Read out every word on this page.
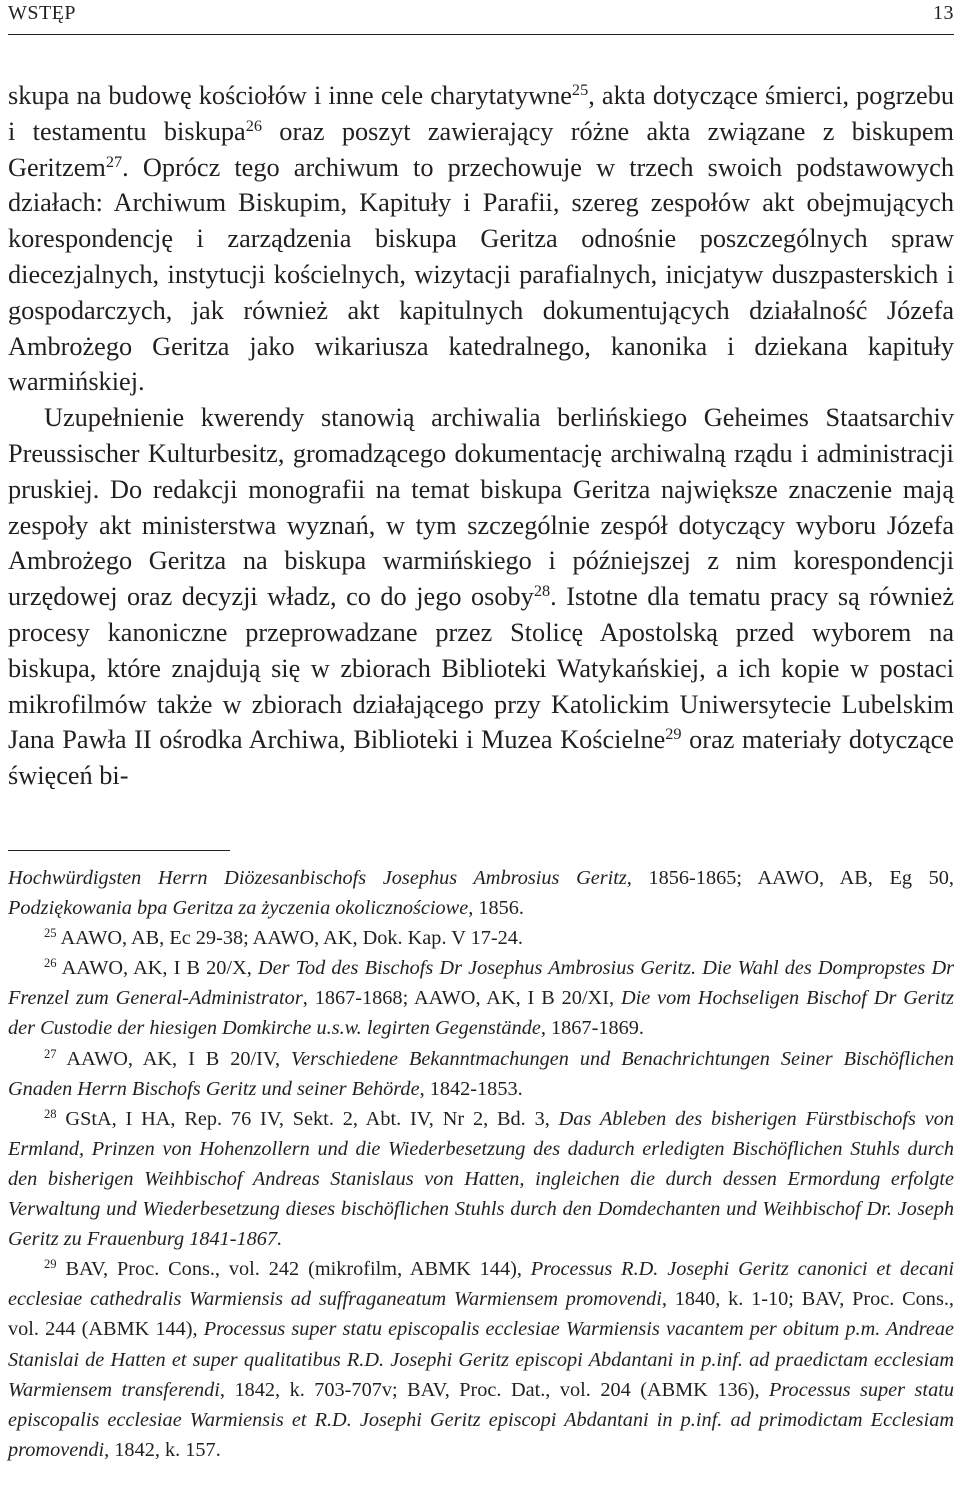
WSTĘP	13

skupa na budowę kościołów i inne cele charytatywne$^{25}$, akta dotyczące śmierci, pogrzebu i testamentu biskupa$^{26}$ oraz poszyt zawierający różne akta związane z biskupem Geritzem$^{27}$. Oprócz tego archiwum to przechowuje w trzech swoich podstawowych działach: Archiwum Biskupim, Kapituły i Parafii, szereg zespołów akt obejmujących korespondencję i zarządzenia biskupa Geritza odnośnie poszczególnych spraw diecezjalnych, instytucji kościelnych, wizytacji parafialnych, inicjatyw duszpasterskich i gospodarczych, jak również akt kapitulnych dokumentujących działalność Józefa Ambrożego Geritza jako wikariusza katedralnego, kanonika i dziekana kapituły warmińskiej.

Uzupełnienie kwerendy stanowią archiwalia berlińskiego Geheimes Staatsarchiv Preussischer Kulturbesitz, gromadzącego dokumentację archiwalną rządu i administracji pruskiej. Do redakcji monografii na temat biskupa Geritza największe znaczenie mają zespoły akt ministerstwa wyznań, w tym szczególnie zespół dotyczący wyboru Józefa Ambrożego Geritza na biskupa warmińskiego i późniejszej z nim korespondencji urzędowej oraz decyzji władz, co do jego osoby$^{28}$. Istotne dla tematu pracy są również procesy kanoniczne przeprowadzane przez Stolicę Apostolską przed wyborem na biskupa, które znajdują się w zbiorach Biblioteki Watykańskiej, a ich kopie w postaci mikrofilmów także w zbiorach działającego przy Katolickim Uniwersytecie Lubelskim Jana Pawła II ośrodka Archiwa, Biblioteki i Muzea Kościelne$^{29}$ oraz materiały dotyczące święceń bi-

Hochwürdigsten Herrn Diözesanbischofs Josephus Ambrosius Geritz, 1856-1865; AAWO, AB, Eg 50, Podziękowania bpa Geritza za życzenia okolicznościowe, 1856.

$^{25}$ AAWO, AB, Ec 29-38; AAWO, AK, Dok. Kap. V 17-24.

$^{26}$ AAWO, AK, I B 20/X, Der Tod des Bischofs Dr Josephus Ambrosius Geritz. Die Wahl des Dompropstes Dr Frenzel zum General-Administrator, 1867-1868; AAWO, AK, I B 20/XI, Die vom Hochseligen Bischof Dr Geritz der Custodie der hiesigen Domkirche u.s.w. legirten Gegenstände, 1867-1869.

$^{27}$ AAWO, AK, I B 20/IV, Verschiedene Bekanntmachungen und Benachrichtungen Seiner Bischöflichen Gnaden Herrn Bischofs Geritz und seiner Behörde, 1842-1853.

$^{28}$ GStA, I HA, Rep. 76 IV, Sekt. 2, Abt. IV, Nr 2, Bd. 3, Das Ableben des bisherigen Fürstbischofs von Ermland, Prinzen von Hohenzollern und die Wiederbesetzung des dadurch erledigten Bischöflichen Stuhls durch den bisherigen Weihbischof Andreas Stanislaus von Hatten, ingleichen die durch dessen Ermordung erfolgte Verwaltung und Wiederbesetzung dieses bischöflichen Stuhls durch den Domdechanten und Weihbischof Dr. Joseph Geritz zu Frauenburg 1841-1867.

$^{29}$ BAV, Proc. Cons., vol. 242 (mikrofilm, ABMK 144), Processus R.D. Josephi Geritz canonici et decani ecclesiae cathedralis Warmiensis ad suffraganeatum Warmiensem promovendi, 1840, k. 1-10; BAV, Proc. Cons., vol. 244 (ABMK 144), Processus super statu episcopalis ecclesiae Warmiensis vacantem per obitum p.m. Andreae Stanislai de Hatten et super qualitatibus R.D. Josephi Geritz episcopi Abdantani in p.inf. ad praedictam ecclesiam Warmiensem transferendi, 1842, k. 703-707v; BAV, Proc. Dat., vol. 204 (ABMK 136), Processus super statu episcopalis ecclesiae Warmiensis et R.D. Josephi Geritz episcopi Abdantani in p.inf. ad primodictam Ecclesiam promovendi, 1842, k. 157.
